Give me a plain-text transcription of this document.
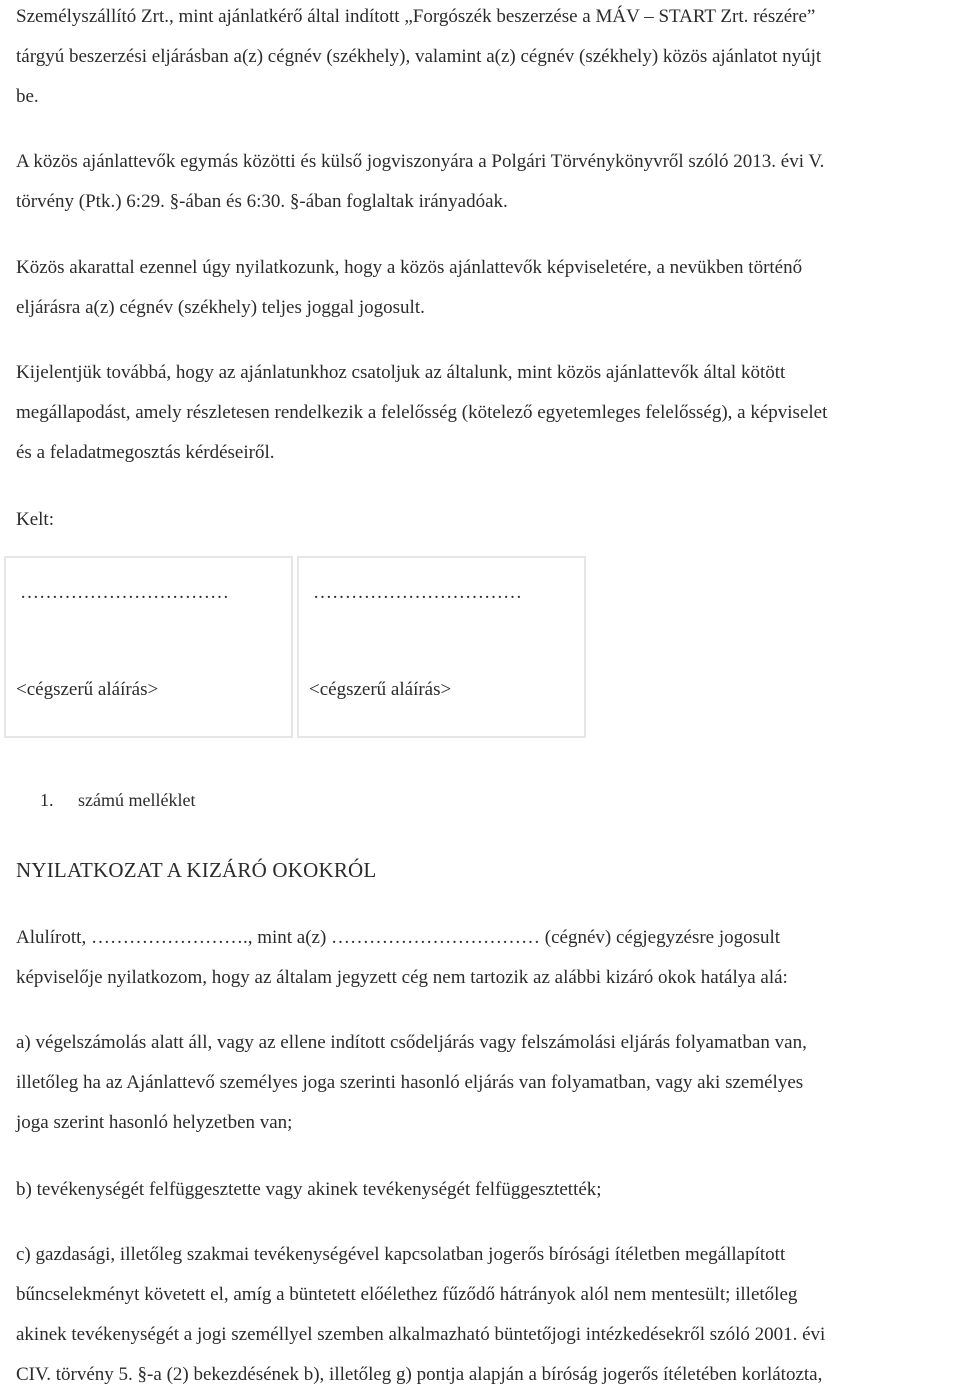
Személyszállító Zrt., mint ajánlatkérő által indított „Forgószék beszerzése a MÁV – START Zrt. részére”
tárgyú beszerzési eljárásban a(z) cégnév (székhely), valamint a(z) cégnév (székhely) közös ajánlatot nyújt
be.
A közös ajánlattevők egymás közötti és külső jogviszonyára a Polgári Törvénykönyvről szóló 2013. évi V.
törvény (Ptk.) 6:29. §-ában és 6:30. §-ában foglaltak irányadóak.
Közös akarattal ezennel úgy nyilatkozunk, hogy a közös ajánlattevők képviseletére, a nevükben történő
eljárásra a(z) cégnév (székhely) teljes joggal jogosult.
Kijelentjük továbbá, hogy az ajánlatunkhoz csatoljuk az általunk, mint közös ajánlattevők által kötött
megállapodást, amely részletesen rendelkezik a felelősség (kötelező egyetemleges felelősség), a képviselet
és a feladatmegosztás kérdéseiről.
Kelt:
……………………………
<cégszerű aláírás>
……………………………
<cégszerű aláírás>
1. számú melléklet
NYILATKOZAT A KIZÁRÓ OKOKRÓL
Alulírott, ……………………., mint a(z) …………………………… (cégnév) cégjegyzésre jogosult
képviselője nyilatkozom, hogy az általam jegyzett cég nem tartozik az alábbi kizáró okok hatálya alá:
a) végelszámolás alatt áll, vagy az ellene indított csődeljárás vagy felszámolási eljárás folyamatban van,
illetőleg ha az Ajánlattevő személyes joga szerinti hasonló eljárás van folyamatban, vagy aki személyes
joga szerint hasonló helyzetben van;
b) tevékenységét felfüggesztette vagy akinek tevékenységét felfüggesztették;
c) gazdasági, illetőleg szakmai tevékenységével kapcsolatban jogerős bírósági ítéletben megállapított
bűncselekményt követett el, amíg a büntetett előélethez fűződő hátrányok alól nem mentesült; illetőleg
akinek tevékenységét a jogi személlyel szemben alkalmazható büntetőjogi intézkedésekről szóló 2001. évi
CIV. törvény 5. §-a (2) bekezdésének b), illetőleg g) pontja alapján a bíróság jogerős ítéletében korlátozta,
